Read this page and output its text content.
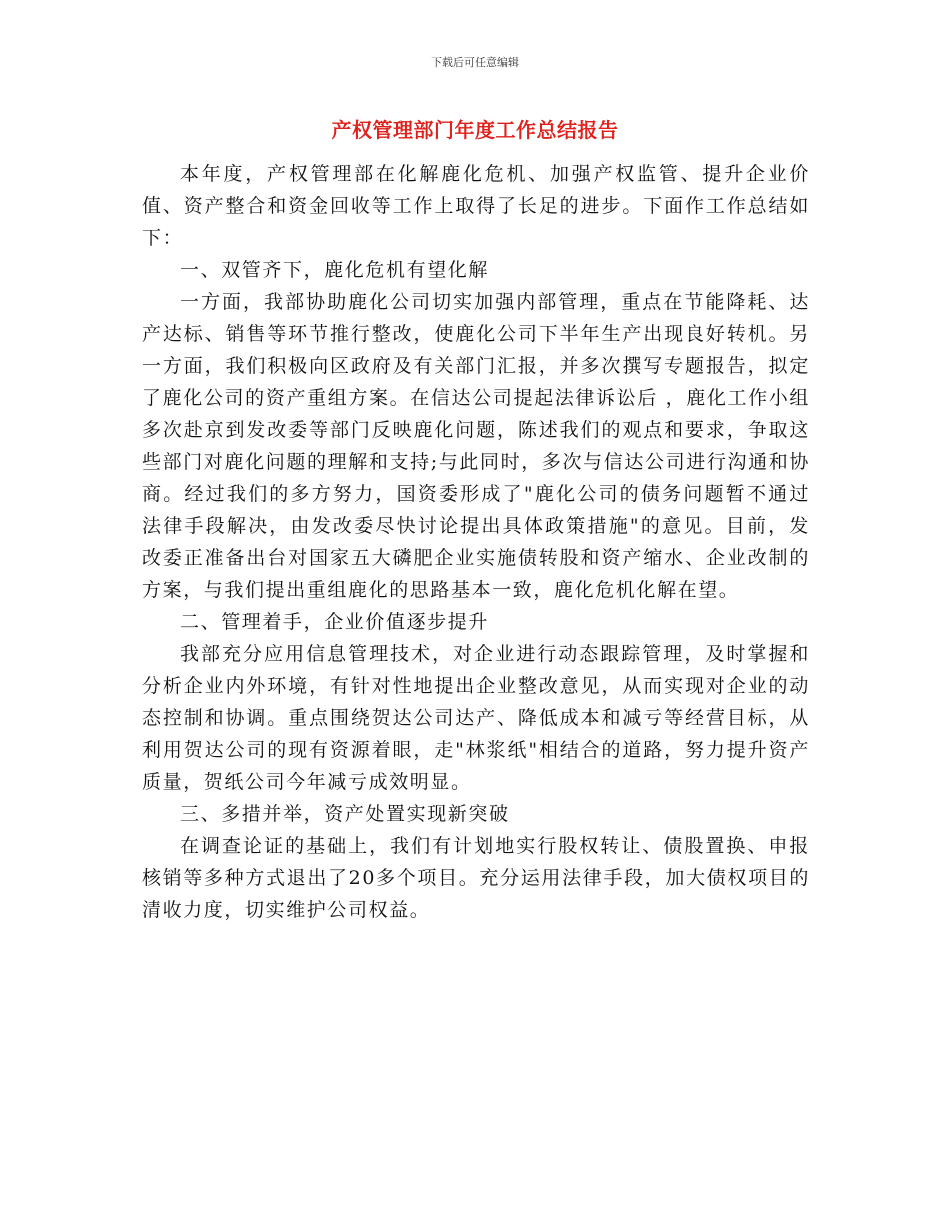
下载后可任意编辑
产权管理部门年度工作总结报告

本年度，产权管理部在化解鹿化危机、加强产权监管、提升企业价值、资产整合和资金回收等工作上取得了长足的进步。下面作工作总结如下：

一、双管齐下，鹿化危机有望化解

一方面，我部协助鹿化公司切实加强内部管理，重点在节能降耗、达产达标、销售等环节推行整改，使鹿化公司下半年生产出现良好转机。另一方面，我们积极向区政府及有关部门汇报，并多次撰写专题报告，拟定了鹿化公司的资产重组方案。在信达公司提起法律诉讼后 ，鹿化工作小组多次赴京到发改委等部门反映鹿化问题，陈述我们的观点和要求，争取这些部门对鹿化问题的理解和支持;与此同时，多次与信达公司进行沟通和协商。经过我们的多方努力，国资委形成了"鹿化公司的债务问题暂不通过法律手段解决，由发改委尽快讨论提出具体政策措施"的意见。目前，发改委正准备出台对国家五大磷肥企业实施债转股和资产缩水、企业改制的方案，与我们提出重组鹿化的思路基本一致，鹿化危机化解在望。

二、管理着手，企业价值逐步提升

我部充分应用信息管理技术，对企业进行动态跟踪管理，及时掌握和分析企业内外环境，有针对性地提出企业整改意见，从而实现对企业的动态控制和协调。重点围绕贺达公司达产、降低成本和减亏等经营目标，从利用贺达公司的现有资源着眼，走"林浆纸"相结合的道路，努力提升资产质量，贺纸公司今年减亏成效明显。

三、多措并举，资产处置实现新突破

在调查论证的基础上，我们有计划地实行股权转让、债股置换、申报核销等多种方式退出了20多个项目。充分运用法律手段，加大债权项目的清收力度，切实维护公司权益。
